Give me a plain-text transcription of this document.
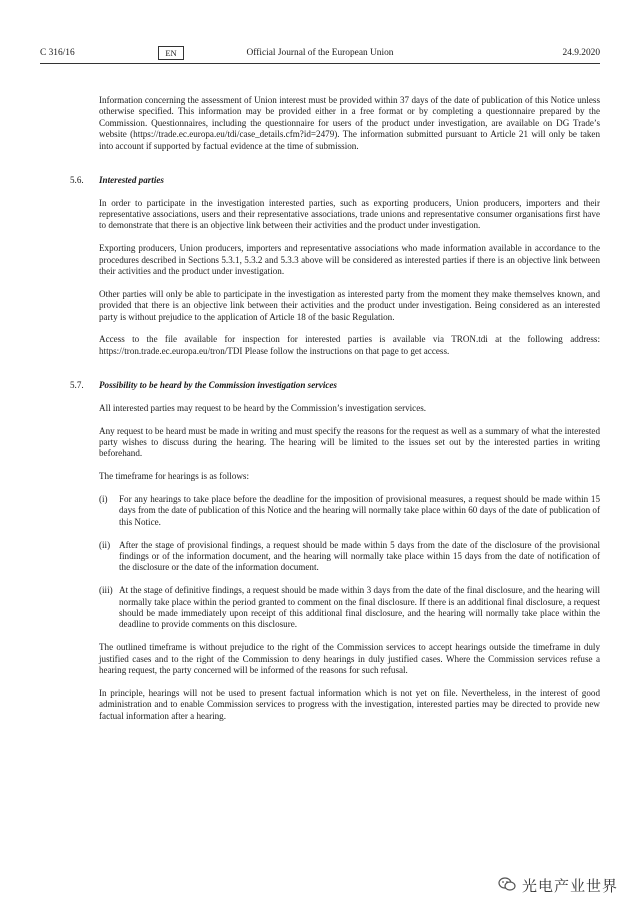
C 316/16	EN	Official Journal of the European Union	24.9.2020

Information concerning the assessment of Union interest must be provided within 37 days of the date of publication of this Notice unless otherwise specified. This information may be provided either in a free format or by completing a questionnaire prepared by the Commission. Questionnaires, including the questionnaire for users of the product under investigation, are available on DG Trade’s website (https://trade.ec.europa.eu/tdi/case_details.cfm?id=2479). The information submitted pursuant to Article 21 will only be taken into account if supported by factual evidence at the time of submission.

5.6. Interested parties

In order to participate in the investigation interested parties, such as exporting producers, Union producers, importers and their representative associations, users and their representative associations, trade unions and representative consumer organisations first have to demonstrate that there is an objective link between their activities and the product under investigation.

Exporting producers, Union producers, importers and representative associations who made information available in accordance to the procedures described in Sections 5.3.1, 5.3.2 and 5.3.3 above will be considered as interested parties if there is an objective link between their activities and the product under investigation.

Other parties will only be able to participate in the investigation as interested party from the moment they make themselves known, and provided that there is an objective link between their activities and the product under investigation. Being considered as an interested party is without prejudice to the application of Article 18 of the basic Regulation.

Access to the file available for inspection for interested parties is available via TRON.tdi at the following address: https://tron.trade.ec.europa.eu/tron/TDI Please follow the instructions on that page to get access.

5.7. Possibility to be heard by the Commission investigation services

All interested parties may request to be heard by the Commission’s investigation services.

Any request to be heard must be made in writing and must specify the reasons for the request as well as a summary of what the interested party wishes to discuss during the hearing. The hearing will be limited to the issues set out by the interested parties in writing beforehand.

The timeframe for hearings is as follows:

(i) For any hearings to take place before the deadline for the imposition of provisional measures, a request should be made within 15 days from the date of publication of this Notice and the hearing will normally take place within 60 days of the date of publication of this Notice.
(ii) After the stage of provisional findings, a request should be made within 5 days from the date of the disclosure of the provisional findings or of the information document, and the hearing will normally take place within 15 days from the date of notification of the disclosure or the date of the information document.
(iii) At the stage of definitive findings, a request should be made within 3 days from the date of the final disclosure, and the hearing will normally take place within the period granted to comment on the final disclosure. If there is an additional final disclosure, a request should be made immediately upon receipt of this additional final disclosure, and the hearing will normally take place within the deadline to provide comments on this disclosure.

The outlined timeframe is without prejudice to the right of the Commission services to accept hearings outside the timeframe in duly justified cases and to the right of the Commission to deny hearings in duly justified cases. Where the Commission services refuse a hearing request, the party concerned will be informed of the reasons for such refusal.

In principle, hearings will not be used to present factual information which is not yet on file. Nevertheless, in the interest of good administration and to enable Commission services to progress with the investigation, interested parties may be directed to provide new factual information after a hearing.

光电产业世界
